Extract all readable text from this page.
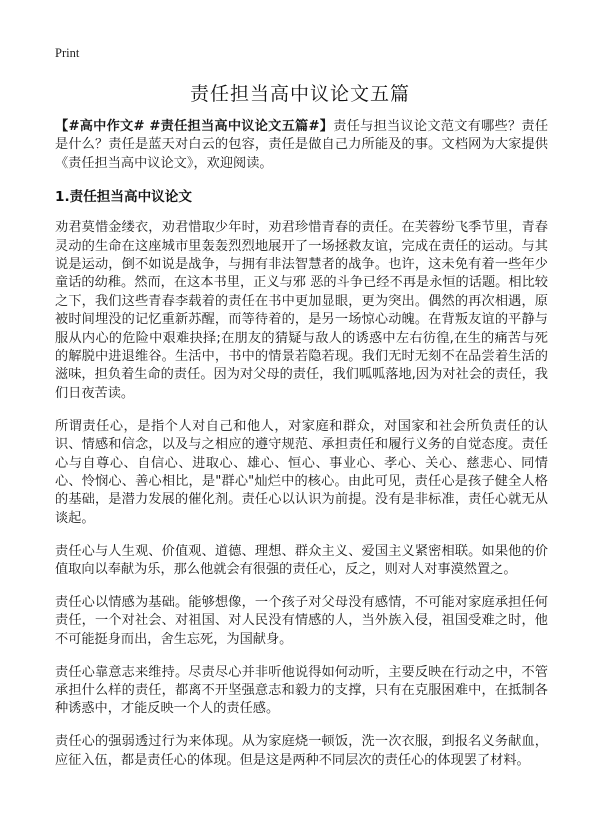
Print
责任担当高中议论文五篇

【#高中作文# #责任担当高中议论文五篇#】责任与担当议论文范文有哪些？责任是什么？责任是蓝天对白云的包容，责任是做自己力所能及的事。文档网为大家提供《责任担当高中议论文》，欢迎阅读。

1.责任担当高中议论文

劝君莫惜金缕衣，劝君惜取少年时，劝君珍惜青春的责任。在芙蓉纷飞季节里，青春灵动的生命在这座城市里轰轰烈烈地展开了一场拯救友谊，完成在责任的运动。与其说是运动，倒不如说是战争，与拥有非法智慧者的战争。也许，这未免有着一些年少童话的幼稚。然而，在这本书里，正义与邪 恶的斗争已经不再是永恒的话题。相比较之下，我们这些青春李载着的责任在书中更加显眼，更为突出。偶然的再次相遇，原被时间埋没的记忆重新苏醒，而等待着的，是另一场惊心动魄。在背叛友谊的平静与服从内心的危险中艰难抉择;在朋友的猜疑与敌人的诱惑中左右彷徨,在生的痛苦与死的解脱中进退维谷。生活中，书中的情景若隐若现。我们无时无刻不在品尝着生活的滋味，担负着生命的责任。因为对父母的责任，我们呱呱落地,因为对社会的责任，我们日夜苦读。

所谓责任心，是指个人对自己和他人，对家庭和群众，对国家和社会所负责任的认识、情感和信念，以及与之相应的遵守规范、承担责任和履行义务的自觉态度。责任心与自尊心、自信心、进取心、雄心、恒心、事业心、孝心、关心、慈悲心、同情心、怜悯心、善心相比，是"群心"灿烂中的核心。由此可见，责任心是孩子健全人格的基础，是潜力发展的催化剂。责任心以认识为前提。没有是非标准，责任心就无从谈起。

责任心与人生观、价值观、道德、理想、群众主义、爱国主义紧密相联。如果他的价值取向以奉献为乐，那么他就会有很强的责任心，反之，则对人对事漠然置之。

责任心以情感为基础。能够想像，一个孩子对父母没有感情，不可能对家庭承担任何责任，一个对社会、对祖国、对人民没有情感的人，当外族入侵，祖国受难之时，他不可能挺身而出，舍生忘死，为国献身。

责任心靠意志来维持。尽责尽心并非听他说得如何动听，主要反映在行动之中，不管承担什么样的责任，都离不开坚强意志和毅力的支撑，只有在克服困难中，在抵制各种诱惑中，才能反映一个人的责任感。

责任心的强弱透过行为来体现。从为家庭烧一顿饭，洗一次衣服，到报名义务献血，应征入伍，都是责任心的体现。但是这是两种不同层次的责任心的体现罢了材料。
